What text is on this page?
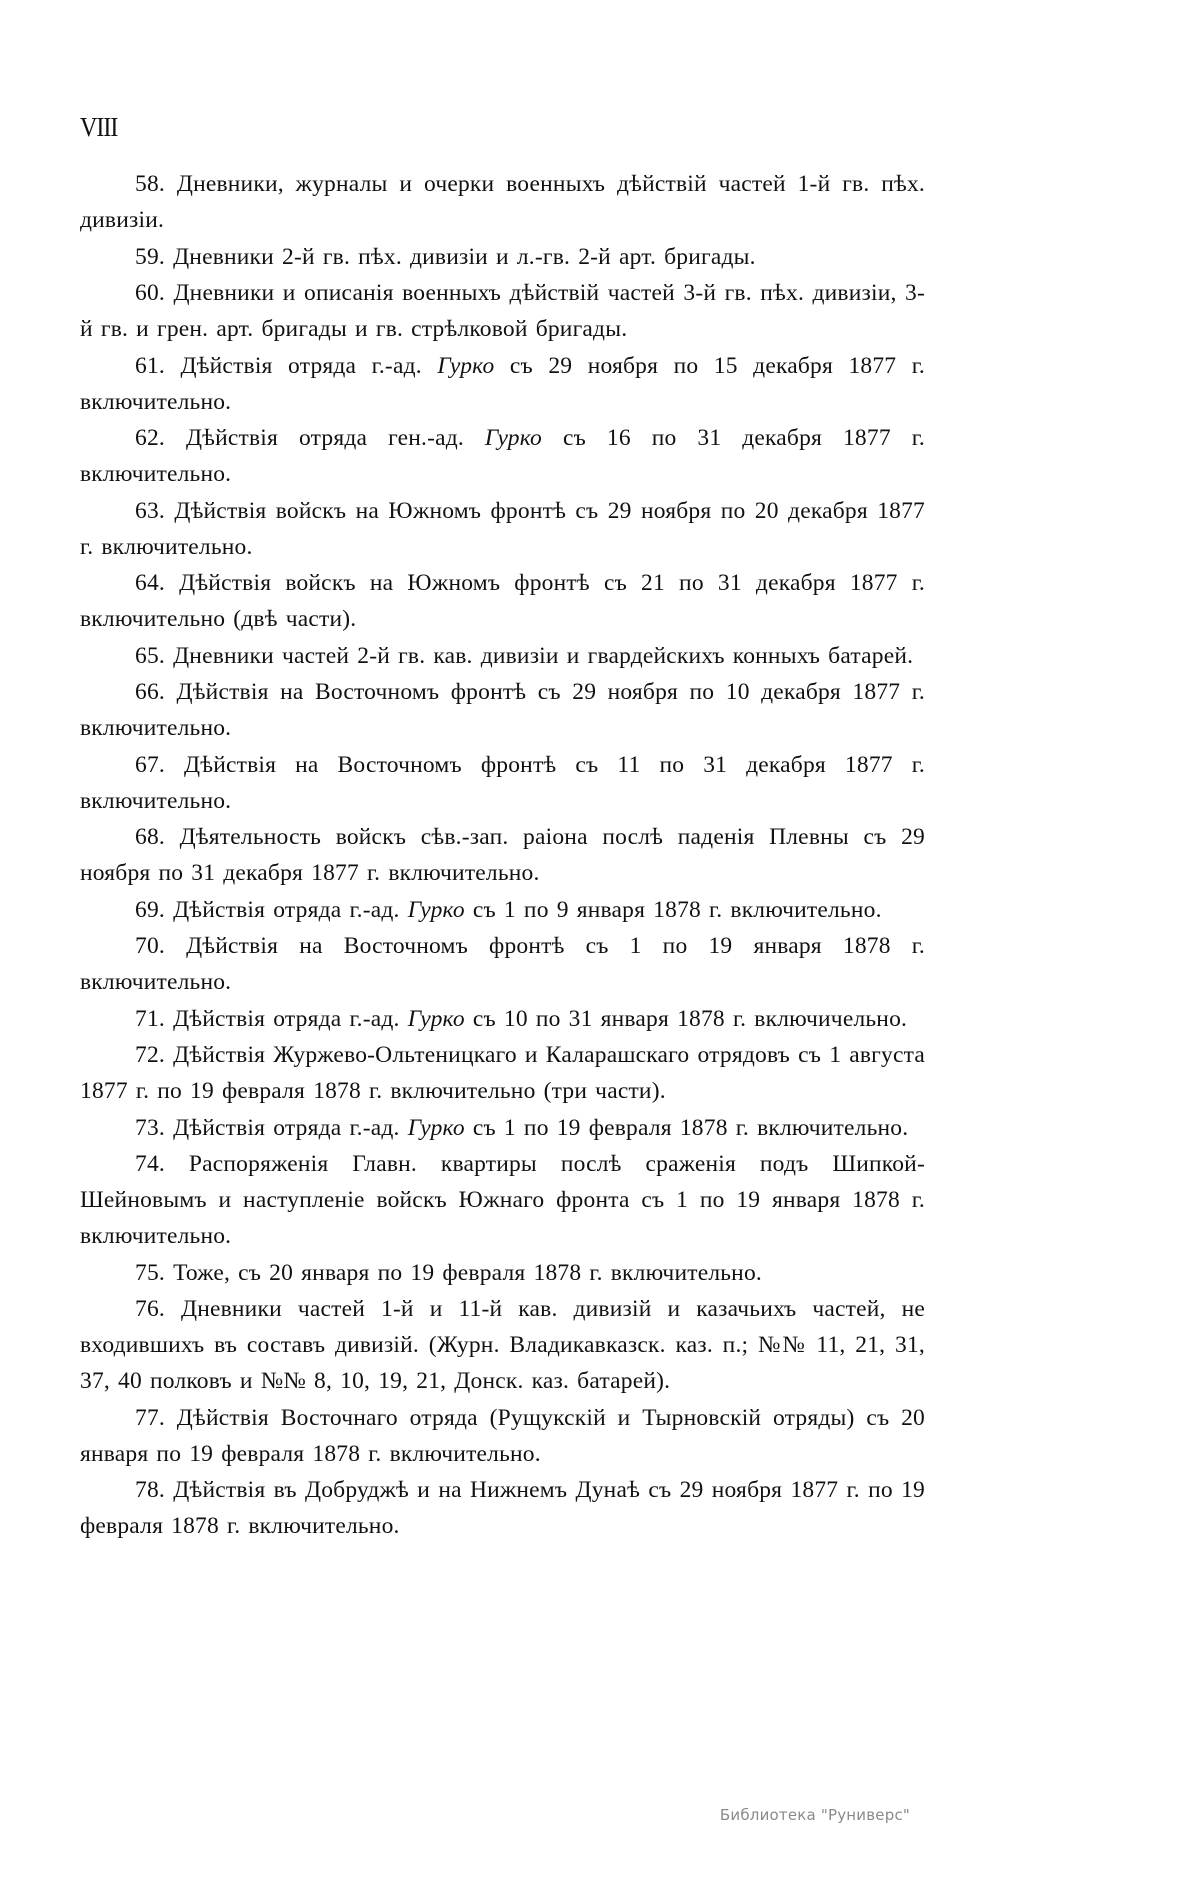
VIII

58. Дневники, журналы и очерки военныхъ дѣйствій частей 1-й гв. пѣх. дивизіи.

59. Дневники 2-й гв. пѣх. дивизіи и л.-гв. 2-й арт. бригады.

60. Дневники и описанія военныхъ дѣйствій частей 3-й гв. пѣх. дивизіи, 3-й гв. и грен. арт. бригады и гв. стрѣлковой бригады.

61. Дѣйствія отряда г.-ад. Гурко съ 29 ноября по 15 декабря 1877 г. включительно.

62. Дѣйствія отряда ген.-ад. Гурко съ 16 по 31 декабря 1877 г. включительно.

63. Дѣйствія войскъ на Южномъ фронтѣ съ 29 ноября по 20 декабря 1877 г. включительно.

64. Дѣйствія войскъ на Южномъ фронтѣ съ 21 по 31 декабря 1877 г. включительно (двѣ части).

65. Дневники частей 2-й гв. кав. дивизіи и гвардейскихъ конныхъ батарей.

66. Дѣйствія на Восточномъ фронтѣ съ 29 ноября по 10 декабря 1877 г. включительно.

67. Дѣйствія на Восточномъ фронтѣ съ 11 по 31 декабря 1877 г. включительно.

68. Дѣятельность войскъ сѣв.-зап. раіона послѣ паденія Плевны съ 29 ноября по 31 декабря 1877 г. включительно.

69. Дѣйствія отряда г.-ад. Гурко съ 1 по 9 января 1878 г. включительно.

70. Дѣйствія на Восточномъ фронтѣ съ 1 по 19 января 1878 г. включительно.

71. Дѣйствія отряда г.-ад. Гурко съ 10 по 31 января 1878 г. включичельно.

72. Дѣйствія Журжево-Ольтеницкаго и Каларашскаго отрядовъ съ 1 августа 1877 г. по 19 февраля 1878 г. включительно (три части).

73. Дѣйствія отряда г.-ад. Гурко съ 1 по 19 февраля 1878 г. включительно.

74. Распоряженія Главн. квартиры послѣ сраженія подъ Шипкой-Шейновымъ и наступленіе войскъ Южнаго фронта съ 1 по 19 января 1878 г. включительно.

75. Тоже, съ 20 января по 19 февраля 1878 г. включительно.

76. Дневники частей 1-й и 11-й кав. дивизій и казачьихъ частей, не входившихъ въ составъ дивизій. (Журн. Владикавказск. каз. п.; №№ 11, 21, 31, 37, 40 полковъ и №№ 8, 10, 19, 21, Донск. каз. батарей).

77. Дѣйствія Восточнаго отряда (Рущукскій и Тырновскій отряды) съ 20 января по 19 февраля 1878 г. включительно.

78. Дѣйствія въ Добруджѣ и на Нижнемъ Дунаѣ съ 29 ноября 1877 г. по 19 февраля 1878 г. включительно.

Библиотека "Руниверс"
